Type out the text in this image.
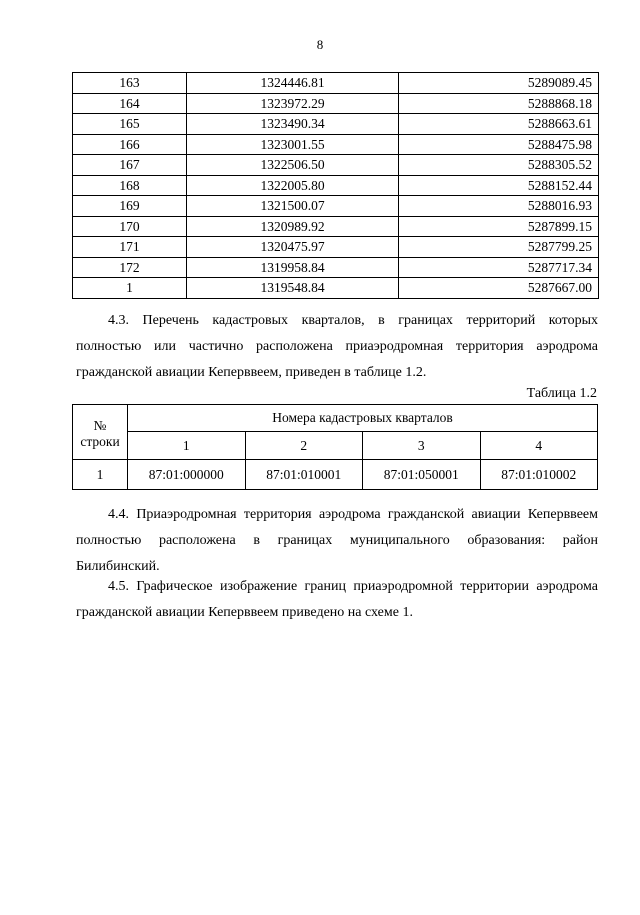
8
163	1324446.81	5289089.45
164	1323972.29	5288868.18
165	1323490.34	5288663.61
166	1323001.55	5288475.98
167	1322506.50	5288305.52
168	1322005.80	5288152.44
169	1321500.07	5288016.93
170	1320989.92	5287899.15
171	1320475.97	5287799.25
172	1319958.84	5287717.34
1	1319548.84	5287667.00

4.3. Перечень кадастровых кварталов, в границах территорий которых
полностью или частично расположена приаэродромная территория аэродрома
гражданской авиации Кеперввеем, приведен в таблице 1.2.

Таблица 1.2
№ строки	Номера кадастровых кварталов			
	1	2	3	4
1	87:01:000000	87:01:010001	87:01:050001	87:01:010002

4.4. Приаэродромная территория аэродрома гражданской авиации Кеперввеем
полностью расположена в границах муниципального образования: район
Билибинский.

4.5. Графическое изображение границ приаэродромной территории аэродрома
гражданской авиации Кеперввеем приведено на схеме 1.
